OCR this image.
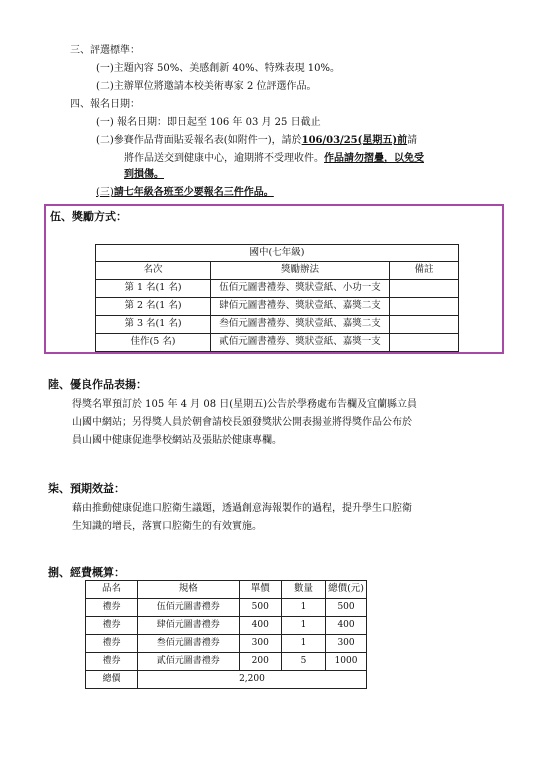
三、評選標準：
(一)主題內容 50%、美感創新 40%、特殊表現 10%。
(二)主辦單位將邀請本校美術專家 2 位評選作品。
四、報名日期：
(一) 報名日期：即日起至 106 年 03 月 25 日截止
(二)參賽作品背面貼妥報名表(如附件一)，請於106/03/25(星期五)前請
將作品送交到健康中心，逾期將不受理收件。作品請勿摺疊，以免受
到損傷。
(三)請七年級各班至少要報名三件作品。
伍、獎勵方式：
國中(七年級)		
名次	獎勵辦法	備註
第 1 名(1 名)	伍佰元圖書禮券、獎狀壹紙、小功一支	
第 2 名(1 名)	肆佰元圖書禮券、獎狀壹紙、嘉獎二支	
第 3 名(1 名)	叁佰元圖書禮券、獎狀壹紙、嘉獎二支	
佳作(5 名)	貳佰元圖書禮券、獎狀壹紙、嘉獎一支	
陸、優良作品表揚：
得獎名單預訂於 105 年 4 月 08 日(星期五)公告於學務處布告欄及宜蘭縣立員
山國中網站；另得獎人員於朝會請校長頒發獎狀公開表揚並將得獎作品公布於
員山國中健康促進學校網站及張貼於健康專欄。
柒、預期效益：
藉由推動健康促進口腔衛生議題，透過創意海報製作的過程，提升學生口腔衛
生知識的增長，落實口腔衛生的有效實施。
捌、經費概算：
品名	規格	單價	數量	總價(元)
禮券	伍佰元圖書禮券	500	1	500
禮券	肆佰元圖書禮券	400	1	400
禮券	叁佰元圖書禮券	300	1	300
禮券	貳佰元圖書禮券	200	5	1000
總價	2,200			
